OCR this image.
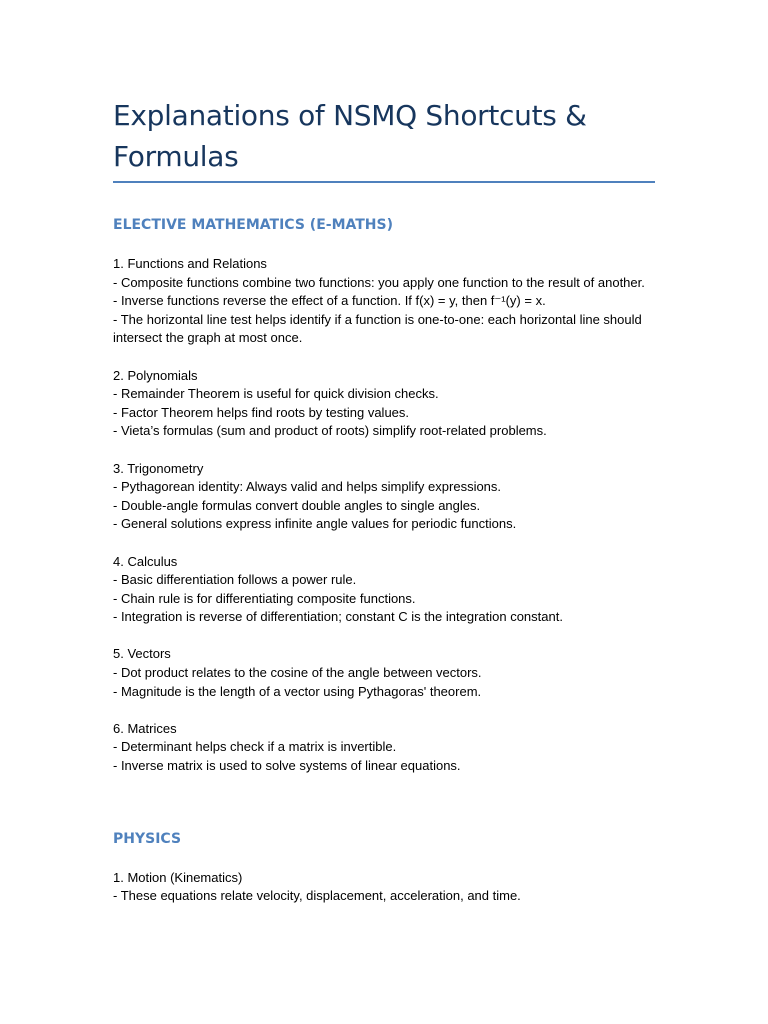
Explanations of NSMQ Shortcuts & Formulas
ELECTIVE MATHEMATICS (E-MATHS)

1. Functions and Relations

- Composite functions combine two functions: you apply one function to the result of another.

- Inverse functions reverse the effect of a function. If f(x) = y, then f⁻¹(y) = x.

- The horizontal line test helps identify if a function is one-to-one: each horizontal line should intersect the graph at most once.

2. Polynomials

- Remainder Theorem is useful for quick division checks.

- Factor Theorem helps find roots by testing values.

- Vieta’s formulas (sum and product of roots) simplify root-related problems.

3. Trigonometry

- Pythagorean identity: Always valid and helps simplify expressions.

- Double-angle formulas convert double angles to single angles.

- General solutions express infinite angle values for periodic functions.

4. Calculus

- Basic differentiation follows a power rule.

- Chain rule is for differentiating composite functions.

- Integration is reverse of differentiation; constant C is the integration constant.

5. Vectors

- Dot product relates to the cosine of the angle between vectors.

- Magnitude is the length of a vector using Pythagoras' theorem.

6. Matrices

- Determinant helps check if a matrix is invertible.

- Inverse matrix is used to solve systems of linear equations.

PHYSICS

1. Motion (Kinematics)

- These equations relate velocity, displacement, acceleration, and time.
